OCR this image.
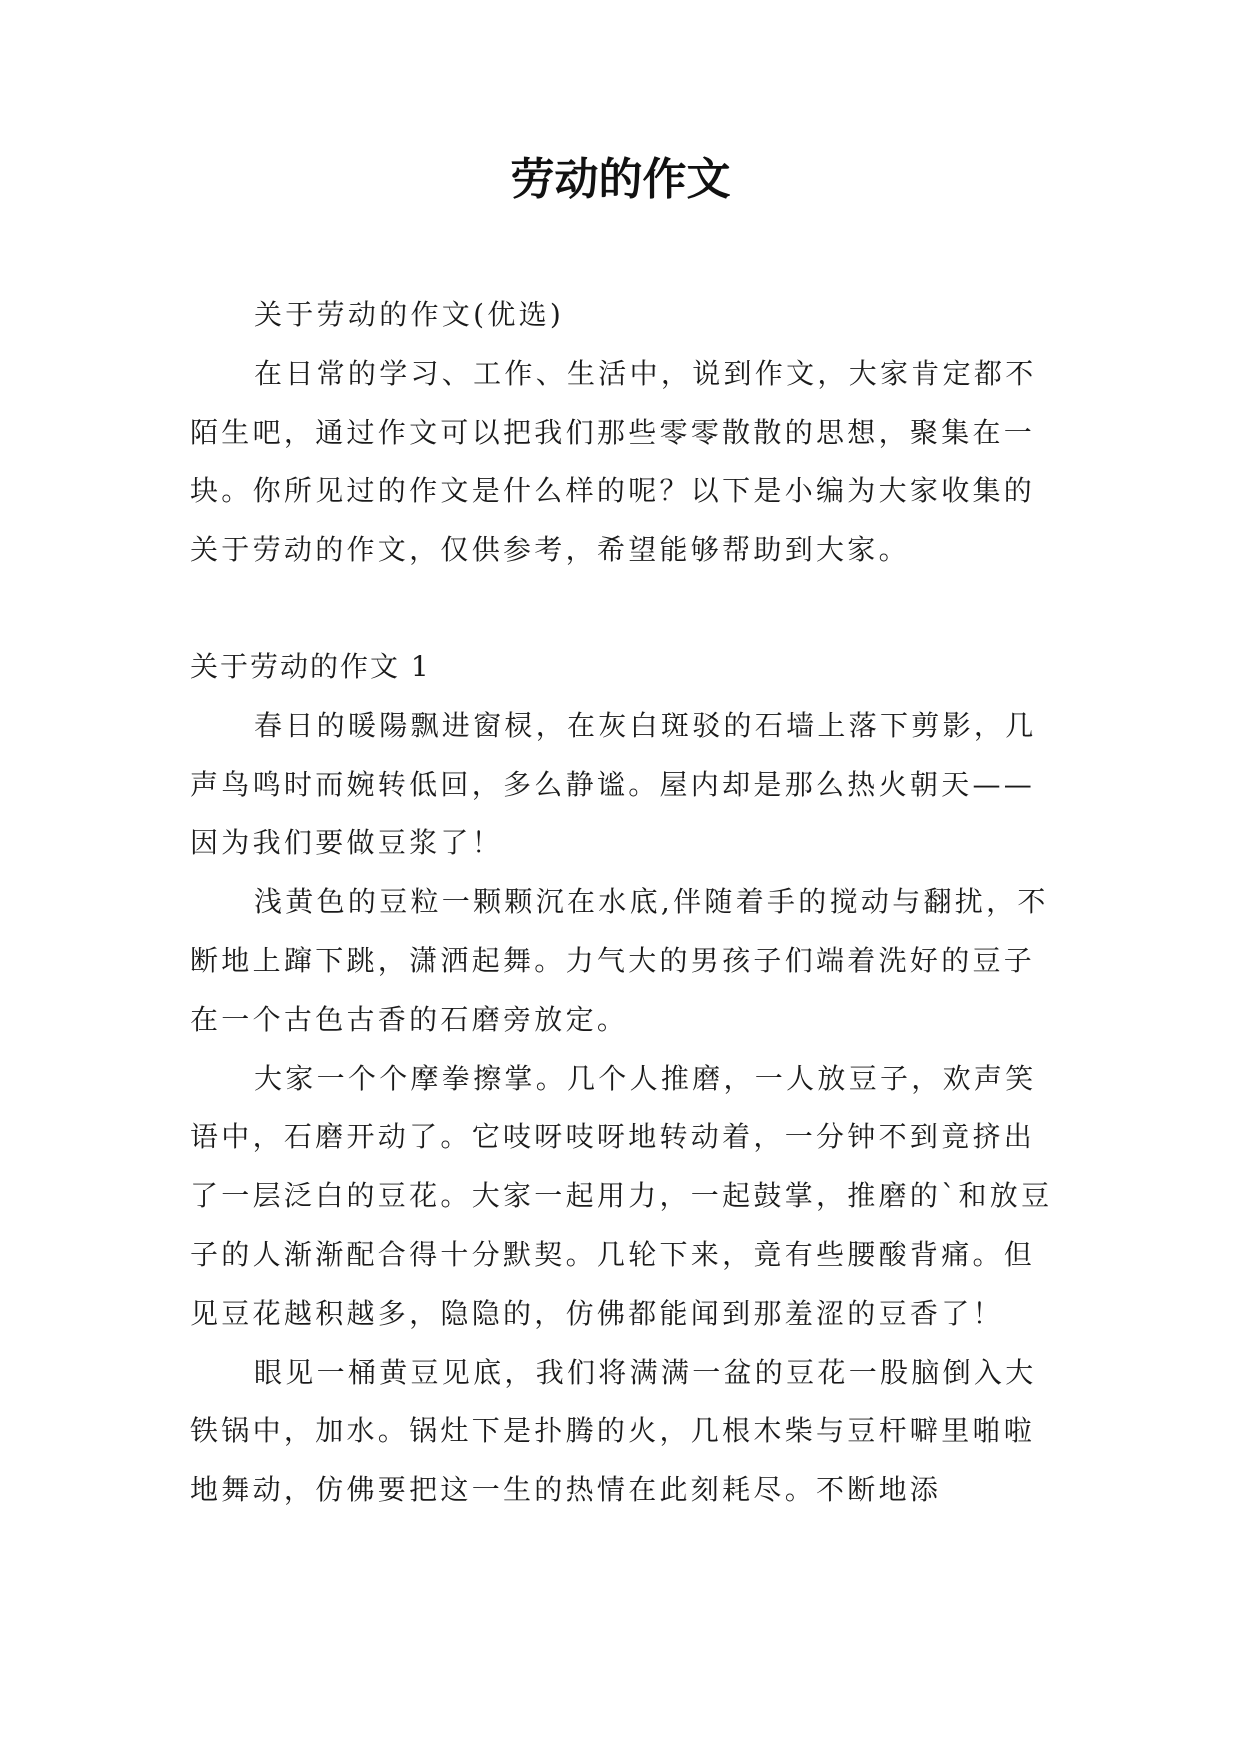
劳动的作文

关于劳动的作文(优选)

在日常的学习、工作、生活中，说到作文，大家肯定都不陌生吧，通过作文可以把我们那些零零散散的思想，聚集在一块。你所见过的作文是什么样的呢？以下是小编为大家收集的关于劳动的作文，仅供参考，希望能够帮助到大家。

关于劳动的作文 1

春日的暖陽飘进窗棂，在灰白斑驳的石墙上落下剪影，几声鸟鸣时而婉转低回，多么静谧。屋内却是那么热火朝天——因为我们要做豆浆了！

浅黄色的豆粒一颗颗沉在水底,伴随着手的搅动与翻扰，不断地上蹿下跳，潇洒起舞。力气大的男孩子们端着洗好的豆子在一个古色古香的石磨旁放定。

大家一个个摩拳擦掌。几个人推磨，一人放豆子，欢声笑语中，石磨开动了。它吱呀吱呀地转动着，一分钟不到竟挤出了一层泛白的豆花。大家一起用力，一起鼓掌，推磨的`和放豆子的人渐渐配合得十分默契。几轮下来，竟有些腰酸背痛。但见豆花越积越多，隐隐的，仿佛都能闻到那羞涩的豆香了！

眼见一桶黄豆见底，我们将满满一盆的豆花一股脑倒入大铁锅中，加水。锅灶下是扑腾的火，几根木柴与豆杆噼里啪啦地舞动，仿佛要把这一生的热情在此刻耗尽。不断地添
